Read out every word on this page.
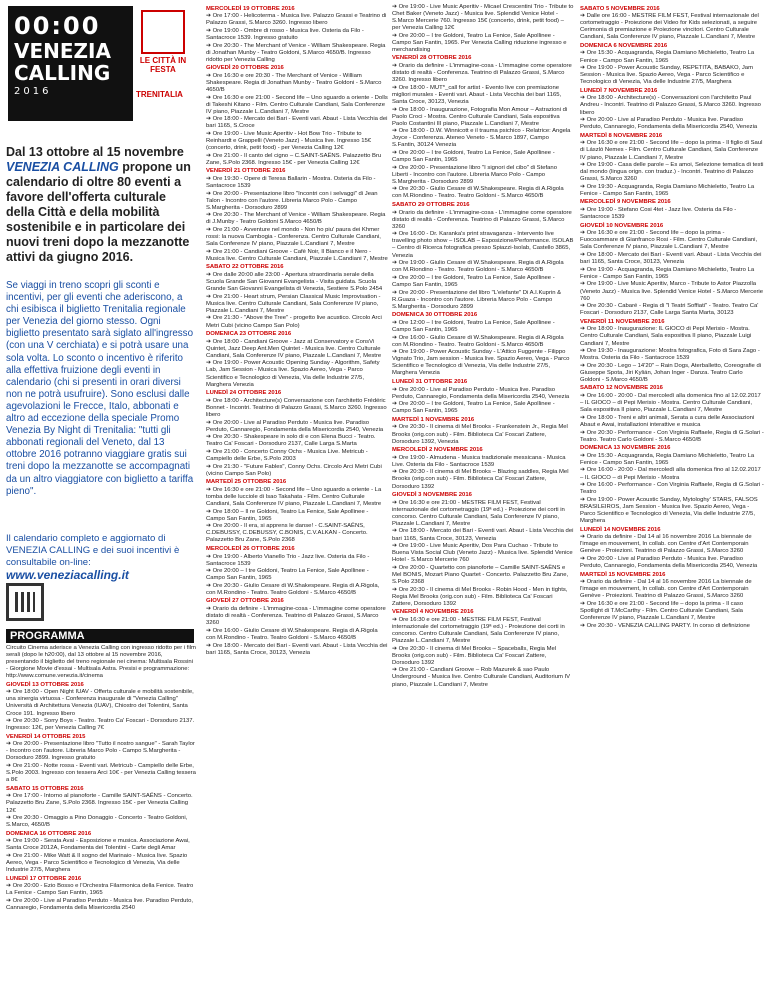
00:00
VENEZIA
CALLING
2016
LE CITTÀ IN FESTA
TRENITALIA
Dal 13 ottobre al 15 novembre VENEZIA CALLING propone un calendario di oltre 80 eventi a favore dell'offerta culturale della Città e della mobilità sostenibile e in particolare dei nuovi treni dopo la mezzanotte attivi da giugno 2016.
Se viaggi in treno scopri gli sconti e incentivi, per gli eventi che aderiscono, a chi esibisca il biglietto Trenitalia regionale per Venezia del giorno stesso. Ogni biglietto presentato sarà siglato all'ingresso (con una V cerchiata) e si potrà usare una sola volta. Lo sconto o incentivo è riferito alla effettiva fruizione degli eventi in calendario (chi si presenti in orari diversi non ne potrà usufruire). Sono esclusi dalle agevolazioni le Frecce, Italo, abbonati e altro ad eccezione della speciale Promo Venezia By Night di Trenitalia: "tutti gli abbonati regionali del Veneto, dal 13 ottobre 2016 potranno viaggiare gratis sui treni dopo la mezzanotte se accompagnati da un altro viaggiatore con biglietto a tariffa pieno".
Il calendario completo e aggiornato di VENEZIA CALLING e dei suoi incentivi è consultabile on-line:
www.veneziacalling.it
PROGRAMMA

Circuito Cinema aderisce a Venezia Calling con ingresso ridotto per i film serali (dopo le h20:00), dal 13 ottobre al 15 novembre 2016, presentando il biglietto del treno regionale nei cinema: Multisala Rossini - Giorgione Movie d'essai - Multisala Astra. Presisi e programmazione: http://www.comune.venezia.it/cinema

GIOVEDÌ 13 OTTOBRE 2016

➔ Ore 18:00 - Open Night IUAV - Offerta culturale e mobilità sostenibile, una sinergia virtuosa - Conferenza inaugurale di "Venezia Calling" Università di Architettura Venezia (IUAV), Chiostro dei Tolentini, Santa Croce 191. Ingresso libero

➔ Ore 20:30 - Sorry Boys - Teatro. Teatro Ca' Foscari - Dorsoduro 2137. Ingresso: 12€, per Venezia Calling 7€

VENERDÌ 14 OTTOBRE 2015

➔ Ore 20:00 - Presentazione libro "Tutto il nostro sangue" - Sarah Taylor - Incontro con l'autore. Libreria Marco Polo - Campo S.Margherita - Dorsoduro 2899. Ingresso gratuito

➔ Ore 21:00 - Notte rossa - Eventi vari. Metricub - Campiello delle Erbe, S.Polo 2003. Ingresso con tessera Arci 10€ - per Venezia Calling tessera a 8€

SABATO 15 OTTOBRE 2016

➔ Ore 17:00 - Intorno al pianoforte - Camille SAINT-SAËNS - Concerto. Palazzetto Bru Zane, S.Polo 2368. Ingresso 15€ - per Venezia Calling 12€

➔ Ore 20:30 - Omaggio a Pino Donaggio - Concerto - Teatro Goldoni, S.Marco, 4650/B

DOMENICA 16 OTTOBRE 2016

➔ Ore 19:00 - Serata Avaì - Esposizione e musica. Associazione Awai, Santa Croce 2012A, Fondamenta dei Tolentini - Carte degli Amar

➔ Ore 21:00 - Mike Watt & Il sogno del Marinaio - Musica live. Spazio Aereo, Vega - Parco Scientifico e Tecnologico di Venezia, Via delle Industrie 27/5, Marghera

LUNEDÌ 17 OTTOBRE 2016

➔ Ore 20:00 - Ezio Bosso e l'Orchestra Filarmonica della Fenice. Teatro La Fenice - Campo San Fantin, 1965

➔ Ore 20:00 - Live al Paradiso Perduto - Musica live. Paradiso Perduto, Cannaregio, Fondamenta della Misericordia 2540

MERCOLEDÌ 19 OTTOBRE 2016

➔ Ore 17:00 - Helicoterma - Musica live. Palazzo Grassi e Teatrino di Palazzo Grassi, S.Marco 3260. Ingresso libero

➔ Ore 19:00 - Ombre di rosso - Musica live. Osteria da Filo - Santacroce 1539. Ingresso gratuito

➔ Ore 20:30 - The Merchant of Venice - William Shakespeare. Regia di Jonathan Munby - Teatro Goldoni, S.Marco 4650/B. Ingresso ridotto per Venezia Calling

GIOVEDÌ 20 OTTOBRE 2016

➔ Ore 16:30 e ore 20:30 - The Merchant of Venice - William Shakespeare. Regia di Jonathan Munby - Teatro Goldoni - S.Marco 4650/B

➔ Ore 16:30 e ore 21:00 - Second life – Uno sguardo a oriente - Dolls di Takeshi Kitano - Film. Centro Culturale Candiani, Sala Conferenze IV piano, Piazzale L.Candiani 7, Mestre

➔ Ore 18:00 - Mercato dei Bari - Eventi vari. Abaut - Lista Vecchia dei bari 1165, S.Croce

➔ Ore 19:00 - Live Music Aperitiv - Hot Bow Trio - Tribute to Reinhardt e Grappelli (Veneto Jazz) - Musica live. Ingresso 15€ (concerto, drink, petit food) - per Venezia Calling 12€

➔ Ore 21:00 - Il canto del cigno – C.SAINT-SAËNS. Palazzetto Bru Zane, S.Polo 2368. Ingresso 15€ - per Venezia Calling 12€

VENERDÌ 21 OTTOBRE 2016

➔ Ore 19:30 - Opere di Teresa Ballarin - Mostra. Osteria da Filo - Santacroce 1539

➔ Ore 20:00 - Presentazione libro "Incontri con i selvaggi" di Jean Talon - Incontro con l'autore. Libreria Marco Polo - Campo S.Margherita - Dorsoduro 2899

➔ Ore 20:30 - The Merchant of Venice - William Shakespeare. Regia di J.Munby - Teatro Goldoni S.Marco 4650/B

➔ Ore 21:00 - Avventure nel mondo - Non ho piu' paura dei Khmer rossi: la nuova Cambogia - Conferenza. Centro Culturale Candiani, Sala Conferenze IV piano, Piazzale L.Candiani 7, Mestre

➔ Ore 21:00 - Candiani Groove - Cafè Noir, Il Bianco e il Nero - Musica live. Centro Culturale Candiani, Piazzale L.Candiani 7, Mestre

SABATO 22 OTTOBRE 2016

➔ Ore dalle 20:00 alle 23:00 - Apertura straordinaria serale della Scuola Grande San Giovanni Evangelista - Visita guidata. Scuola Grande San Giovanni Evangelista di Venezia, Sestiere S.Polo 2454

➔ Ore 21:00 - Heart strum, Persian Classical Music Improvisation - Musica live. Centro Culturale Candiani, Sala Conferenze IV piano, Piazzale L.Candiani 7, Mestre

➔ Ore 21:30 - "Above the Tree" - progetto live acustico. Circolo Arci Metri Cubi (vicino Campo San Polo)

DOMENICA 23 OTTOBRE 2016

➔ Ore 18:00 - Candiani Groove - Jazz at Conservatory e ConsVi Quintet, Jazz Deep Ant.Men Quintet - Musica live. Centro Culturale Candiani, Sala Conferenze IV piano, Piazzale L.Candiani 7, Mestre

➔ Ore 19:00 - Power Acoustic Opening Sunday - Algorithm, Safety Lab, Jam Session - Musica live. Spazio Aereo, Vega - Parco Scientifico e Tecnologico di Venezia, Via delle Industrie 27/5, Marghera Venezia

LUNEDÌ 24 OTTOBRE 2016

➔ Ore 18:00 - Architecture(s) Conversazione con l'architetto Frédéric Bonnet - Incontri. Teatrino di Palazzo Grassi, S.Marco 3260. Ingresso libero

➔ Ore 20:00 - Live al Paradiso Perduto - Musica live. Paradiso Perduto, Cannaregio, Fondamenta della Misericordia 2540, Venezia

➔ Ore 20:30 - Shakespeare in solo di e con Elena Bucci - Teatro. Teatro Ca' Foscari - Dorsoduro 2137, Calle Larga S.Marta

➔ Ore 21:00 - Concerto Conny Ochs - Musica Live. Metricub - Campiello delle Erbe, S.Polo 2003

➔ Ore 21:30 - "Future Fables", Conny Ochs. Circolo Arci Metri Cubi (vicino Campo San Polo)

MARTEDÌ 25 OTTOBRE 2016

➔ Ore 16:30 e ore 21:00 - Second life – Uno sguardo a oriente - La tomba delle lucciole di Isao Takahata - Film. Centro Culturale Candiani, Sala Conferenze IV piano, Piazzale L.Candiani 7, Mestre

➔ Ore 18:00 – Il re Goldoni, Teatro La Fenice, Sale Apollinee - Campo San Fantin, 1965

➔ Ore 20:00 - Il era, si apprens le danse! - C.SAINT-SAËNS, C.DEBUSSY, C.DEBUSSY, C.BONIS, C.V.ALKAN - Concerto. Palazzetto Bru Zane, S.Polo 2368

MERCOLEDÌ 26 OTTOBRE 2016

➔ Ore 19:00 - Alberto Vianello Trio - Jazz live. Osteria da Filo - Santacroce 1539

➔ Ore 20:00 – I tre Goldoni, Teatro La Fenice, Sale Apollinee - Campo San Fantin, 1965

➔ Ore 20:30 - Giulio Cesare di W.Shakespeare. Regia di A.Rigola, con M.Rondino - Teatro. Teatro Goldoni - S.Marco 4650/B

GIOVEDÌ 27 OTTOBRE 2016

➔ Orario da definire - L'immagine-cosa - L'immagine come operatore distato di realtà - Conferenza. Teatrino di Palazzo Grassi, S.Marco 3260

➔ Ore 16:00 - Giulio Cesare di W.Shakespeare. Regia di A.Rigola con M.Rondino - Teatro. Teatro Goldoni - S.Marco 4650/B

➔ Ore 18:00 - Mercato dei Bari - Eventi vari. Abaut - Lista Vecchia dei bari 1165, Santa Croce, 30123, Venezia

➔ Ore 19:00 - Live Music Aperitiv - Micael Crescentini Trio - Tribute to Chet Baker (Veneto Jazz) - Musica live. Splendid Venice Hotel - S.Marco Mercerie 760. Ingresso 15€ (concerto, drink, petit food) – per Venezia Calling 12€

➔ Ore 20:00 – I tre Goldoni, Teatro La Fenice, Sale Apollinee - Campo San Fantin, 1965. Per Venezia Calling riduzione ingresso e merchandising

VENERDÌ 28 OTTOBRE 2016

➔ Orario da definire - L'immagine-cosa - L'immagine come operatore distato di realtà - Conferenza. Teatrino di Palazzo Grassi, S.Marco 3260. Ingresso libero

➔ Ore 18:00 - MUT*_call for artist - Evento live con premiazione migliori murales - Eventi vari. Abaut - Lista Vecchia dei bari 1165, Santa Croce, 30123, Venezia

➔ Ore 18:00 - Inaugurazione, Fotografia Mon Amour – Astrazioni di Paolo Croci - Mostra. Centro Culturale Candiani, Sala espositiva Paolo Costantini III piano, Piazzale L.Candiani 7, Mestre

➔ Ore 18:00 - D.W. Winnicott e il trauma psichico - Relatrice: Angela Joyce - Conferenza. Ateneo Veneto - S.Marco 1897, Campo S.Fantin, 30124 Venezia

➔ Ore 20:00 – I tre Goldoni, Teatro La Fenice, Sale Apollinee - Campo San Fantin, 1965

➔ Ore 20:00 - Presentazione libro "I signori del cibo" di Stefano Liberti - Incontro con l'autore. Libreria Marco Polo - Campo S.Margherita - Dorsoduro 2899

➔ Ore 20:30 - Giulio Cesare di W.Shakespeare. Regia di A.Rigola con M.Riondino - Teatro. Teatro Goldoni - S.Marco 4650/B

SABATO 29 OTTOBRE 2016

➔ Orario da definire - L'immagine-cosa - L'immagine come operatore distato di realtà - Conferenza. Teatrino di Palazzo Grassi, S.Marco 3260

➔ Ore 16:00 - Dr. Karanka's print stravaganza - Intervento live travelling photo show – ISOLAB – Esposizione/Performance. ISOLAB – Centro di Ricerca fotografica presso Spiazzi-Isolab, Castello 3865, Venezia

➔ Ore 19:00 - Giulio Cesare di W.Shakespeare. Regia di A.Rigola con M.Riondino - Teatro. Teatro Goldoni - S.Marco 4650/B

➔ Ore 20:00 – I tre Goldoni, Teatro La Fenice, Sale Apollinee - Campo San Fantin, 1965

➔ Ore 20:00 - Presentazione del libro "L'elefante" Di A.I.Kuprin & R.Guaza - Incontro con l'autore. Libreria Marco Polo - Campo S.Margherita - Dorsoduro 2899

DOMENICA 30 OTTOBRE 2016

➔ Ore 12:00 – I tre Goldoni, Teatro La Fenice, Sale Apollinee - Campo San Fantin, 1965

➔ Ore 16:00 - Giulio Cesare di W.Shakespeare. Regia di A.Rigola con M.Riondino - Teatro. Teatro Goldoni - S.Marco 4650/B

➔ Ore 19:00 - Power Acoustic Sunday - L'Attico Fuggente - Filippo Vignato Trio, Jam session - Musica live. Spazio Aereo, Vega - Parco Scientifico e Tecnologico di Venezia, Via delle Industrie 27/5, Marghera Venezia

LUNEDÌ 31 OTTOBRE 2016

➔ Ore 20:00 - Live al Paradiso Perduto - Musica live. Paradiso Perduto, Cannaregio, Fondamenta della Misericordia 2540, Venezia

➔ Ore 20:00 – I tre Goldoni, Teatro La Fenice, Sale Apollinee - Campo San Fantin, 1965

MARTEDÌ 1 NOVEMBRE 2016

➔ Ore 20:30 - Il cinema di Mel Brooks - Frankenstein Jr., Regia Mel Brooks (orig.con sub) - Film. Biblioteca Ca' Foscari Zattere, Dorsoduro 1392, Venezia

MERCOLEDÌ 2 NOVEMBRE 2016

➔ Ore 19:00 - Almudena - Musica tradizionale messicana - Musica Live. Osteria da Filo - Santacroce 1539

➔ Ore 20:30 - Il cinema di Mel Brooks – Blazing saddles, Regia Mel Brooks (orig.con sub) - Film. Biblioteca Ca' Foscari Zattere, Dorsoduro 1392

GIOVEDÌ 3 NOVEMBRE 2016

➔ Ore 16:30 e ore 21:00 - MESTRE FILM FEST, Festival internazionale del cortometraggio (19ª ed.) - Proiezione dei corti in concorso. Centro Culturale Candiani, Sala Conferenze IV piano, Piazzale L.Candiani 7, Mestre

➔ Ore 18:00 - Mercato dei Bari - Eventi vari. Abaut - Lista Vecchia dei bari 1165, Santa Croce, 30123, Venezia

➔ Ore 19:00 - Live Music Aperitiv, Dos Para Cuchao - Tribute to Buena Vista Social Club (Veneto Jazz) - Musica live. Splendid Venice Hotel - S.Marco Mercerie 760

➔ Ore 20:00 - Quartetto con pianoforte – Camille SAINT-SAËNS e Mel BONIS, Mozart Piano Quartet - Concerto. Palazzetto Bru Zane, S.Polo 2368

➔ Ore 20:30 - Il cinema di Mel Brooks - Robin Hood - Men in tights, Regia Mel Brooks (orig.con sub) - Film. Biblioteca Ca' Foscari Zattere, Dorsoduro 1392

VENERDÌ 4 NOVEMBRE 2016

➔ Ore 16:30 e ore 21:00 - MESTRE FILM FEST, Festival internazionale del cortometraggio (19ª ed.) - Proiezione dei corti in concorso. Centro Culturale Candiani, Sala Conferenze IV piano, Piazzale L.Candiani 7, Mestre

➔ Ore 20:30 - Il cinema di Mel Brooks – Spaceballs, Regia Mel Brooks (orig.con sub) - Film. Biblioteca Ca' Foscari Zattere, Dorsoduro 1392

➔ Ore 21:00 - Candiani Groove – Rob Mazurek & sao Paulo Underground - Musica live. Centro Culturale Candiani, Auditorium IV piano, Piazzale L.Candiani 7, Mestre

SABATO 5 NOVEMBRE 2016

➔ Dalle ore 16:00 - MESTRE FILM FEST, Festival internazionale del cortometraggio - Proiezione dei Video for Kids selezionati, a seguire Cerimonia di premiazione e Proiezione vincitori. Centro Culturale Candiani, Sala Conferenze IV piano, Piazzale L.Candiani 7, Mestre

DOMENICA 6 NOVEMBRE 2016

➔ Ore 15:30 - Acquagranda, Regia Damiano Michieletto, Teatro La Fenice - Campo San Fantin, 1965

➔ Ore 19:00 - Power Acoustic Sunday, REPETITA, BABAKO, Jam Session - Musica live. Spazio Aereo, Vega - Parco Scientifico e Tecnologico di Venezia, Via delle Industrie 27/5, Marghera

LUNEDÌ 7 NOVEMBRE 2016

➔ Ore 18:00 - Architecture(s) - Conversazioni con l'architetto Paul Andreu - Incontri. Teatrino di Palazzo Grassi, S.Marco 3260. Ingresso libero

➔ Ore 20:00 - Live al Paradiso Perduto - Musica live. Paradiso Perduto, Cannaregio, Fondamenta della Misericordia 2540, Venezia

MARTEDÌ 8 NOVEMBRE 2016

➔ Ore 16:30 e ore 21:00 - Second life – dopo la prima - Il figlio di Saul di László Nemes - Film. Centro Culturale Candiani, Sala Conferenze IV piano, Piazzale L.Candiani 7, Mestre

➔ Ore 19:00 - Casa delle parole – Es amoi, Selezione tematica di testi dal mondo (lingua orign. con traduz.) - Incontri. Teatrino di Palazzo Grassi, S.Marco 3260

➔ Ore 19:30 - Acquagranda, Regia Damiano Michieletto, Teatro La Fenice - Campo San Fantin, 1965

MERCOLEDÌ 9 NOVEMBRE 2016

➔ Ore 19:00 - Stefano Cosi 4tet - Jazz live. Osteria da Filo - Santacroce 1539

GIOVEDÌ 10 NOVEMBRE 2016

➔ Ore 16:30 e ore 21:00 - Second life – dopo la prima - Fuocoammare di Gianfranco Rosi - Film. Centro Culturale Candiani, Sala Conferenze IV piano, Piazzale L.Candiani 7, Mestre

➔ Ore 18:00 - Mercato dei Bari - Eventi vari. Abaut - Lista Vecchia dei bari 1165, Santa Croce, 30123, Venezia

➔ Ore 19:00 - Acquagranda, Regia Damiano Michieletto, Teatro La Fenice - Campo San Fantin, 1965

➔ Ore 19:00 - Live Music Aperitiv, Marco - Tribute to Astor Piazzolla (Veneto Jazz) - Musica live. Splendid Venice Hotel - S.Marco Mercerie 760

➔ Ore 20:30 - Cabaré - Regia di "I Teatri Soffiati" - Teatro. Teatro Ca' Foscari - Dorsoduro 2137, Calle Larga Santa Marta, 30123

VENERDÌ 11 NOVEMBRE 2016

➔ Ore 18:00 - Inaugurazione: IL GIOCO di Pepi Merisio - Mostra. Centro Culturale Candiani, Sala espositiva II piano, Piazzale Luigi Candiani 7, Mestre

➔ Ore 19:30 - Inaugurazione: Mostra fotografica, Foto di Sara Zago - Mostra. Osteria da Filo - Santacroce 1539

➔ Ore 20:30 - Lego – 14'20" – Rain Dogs, Aterballetto, Coreografie di Giuseppe Spota, Jiri Kylián, Johan Inger - Danza. Teatro Carlo Goldoni - S.Marco 4650/B

SABATO 12 NOVEMBRE 2016

➔ Ore 16:00 - 20:00 - Dal mercoledì alla domenica fino al 12.02.2017 – IL GIOCO – di Pepi Merisio - Mostra. Centro Culturale Candiani, Sala espositiva II piano, Piazzale L.Candiani 7, Mestre

➔ Ore 18:00 - Treni e altri animali, Serata a cura delle Associazioni Abaut e Awai, installazioni interattive e musica

➔ Ore 20:30 - Performance - Con Virginia Raffaele, Regia di G.Solari - Teatro. Teatro Carlo Goldoni - S.Marco 4650/B

DOMENICA 13 NOVEMBRE 2016

➔ Ore 15:30 - Acquagranda, Regia Damiano Michieletto, Teatro La Fenice - Campo San Fantin, 1965

➔ Ore 16:00 - 20:00 - Dal mercoledì alla domenica fino al 12.02.2017 – IL GIOCO – di Pepi Merisio - Mostra

➔ Ore 16:00 - Performance - Con Virginia Raffaele, Regia di G.Solari - Teatro

➔ Ore 19:00 - Power Acoustic Sunday, Mytologhy' STARS, FALSOS BRASILEIROS, Jam Session - Musica live. Spazio Aereo, Vega - Parco Scientifico e Tecnologico di Venezia, Via delle Industrie 27/5, Marghera

LUNEDÌ 14 NOVEMBRE 2016

➔ Orario da definire - Dal 14 al 16 novembre 2016 La biennale de l'image en mouvement, In collab. con Centre d'Art Contemporain Genève - Proiezioni. Teatrino di Palazzo Grassi, S.Marco 3260

➔ Ore 20:00 - Live al Paradiso Perduto - Musica live. Paradiso Perduto, Cannaregio, Fondamenta della Misericordia 2540, Venezia

MARTEDÌ 15 NOVEMBRE 2016

➔ Orario da definire - Dal 14 al 16 novembre 2016 La biennale de l'image en mouvement, In collab. con Centre d'Art Contemporain Genève - Proiezioni. Teatrino di Palazzo Grassi, S.Marco 3260

➔ Ore 16:30 e ore 21:00 - Second life – dopo la prima - Il caso Spotlight di T.McCarthy - Film. Centro Culturale Candiani, Sala Conferenze IV piano, Piazzale L.Candiani 7, Mestre

➔ Ore 20:30 - VENEZIA CALLING PARTY. In corso di definizione
